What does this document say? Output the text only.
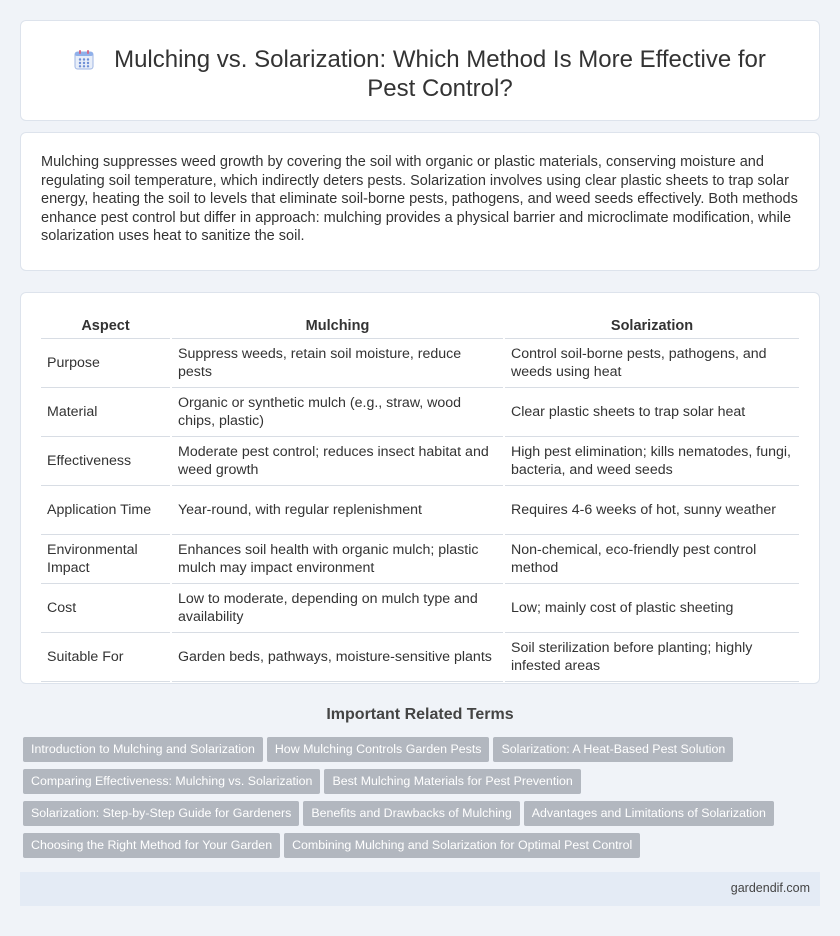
Mulching vs. Solarization: Which Method Is More Effective for Pest Control?

Mulching suppresses weed growth by covering the soil with organic or plastic materials, conserving moisture and regulating soil temperature, which indirectly deters pests. Solarization involves using clear plastic sheets to trap solar energy, heating the soil to levels that eliminate soil-borne pests, pathogens, and weed seeds effectively. Both methods enhance pest control but differ in approach: mulching provides a physical barrier and microclimate modification, while solarization uses heat to sanitize the soil.

Aspect	Mulching	Solarization
Purpose	Suppress weeds, retain soil moisture, reduce pests	Control soil-borne pests, pathogens, and weeds using heat
Material	Organic or synthetic mulch (e.g., straw, wood chips, plastic)	Clear plastic sheets to trap solar heat
Effectiveness	Moderate pest control; reduces insect habitat and weed growth	High pest elimination; kills nematodes, fungi, bacteria, and weed seeds
Application Time	Year-round, with regular replenishment	Requires 4-6 weeks of hot, sunny weather
Environmental Impact	Enhances soil health with organic mulch; plastic mulch may impact environment	Non-chemical, eco-friendly pest control method
Cost	Low to moderate, depending on mulch type and availability	Low; mainly cost of plastic sheeting
Suitable For	Garden beds, pathways, moisture-sensitive plants	Soil sterilization before planting; highly infested areas
Important Related Terms
Introduction to Mulching and Solarization How Mulching Controls Garden Pests Solarization: A Heat-Based Pest Solution
Comparing Effectiveness: Mulching vs. Solarization Best Mulching Materials for Pest Prevention
Solarization: Step-by-Step Guide for Gardeners Benefits and Drawbacks of Mulching Advantages and Limitations of Solarization
Choosing the Right Method for Your Garden Combining Mulching and Solarization for Optimal Pest Control
gardendif.com
